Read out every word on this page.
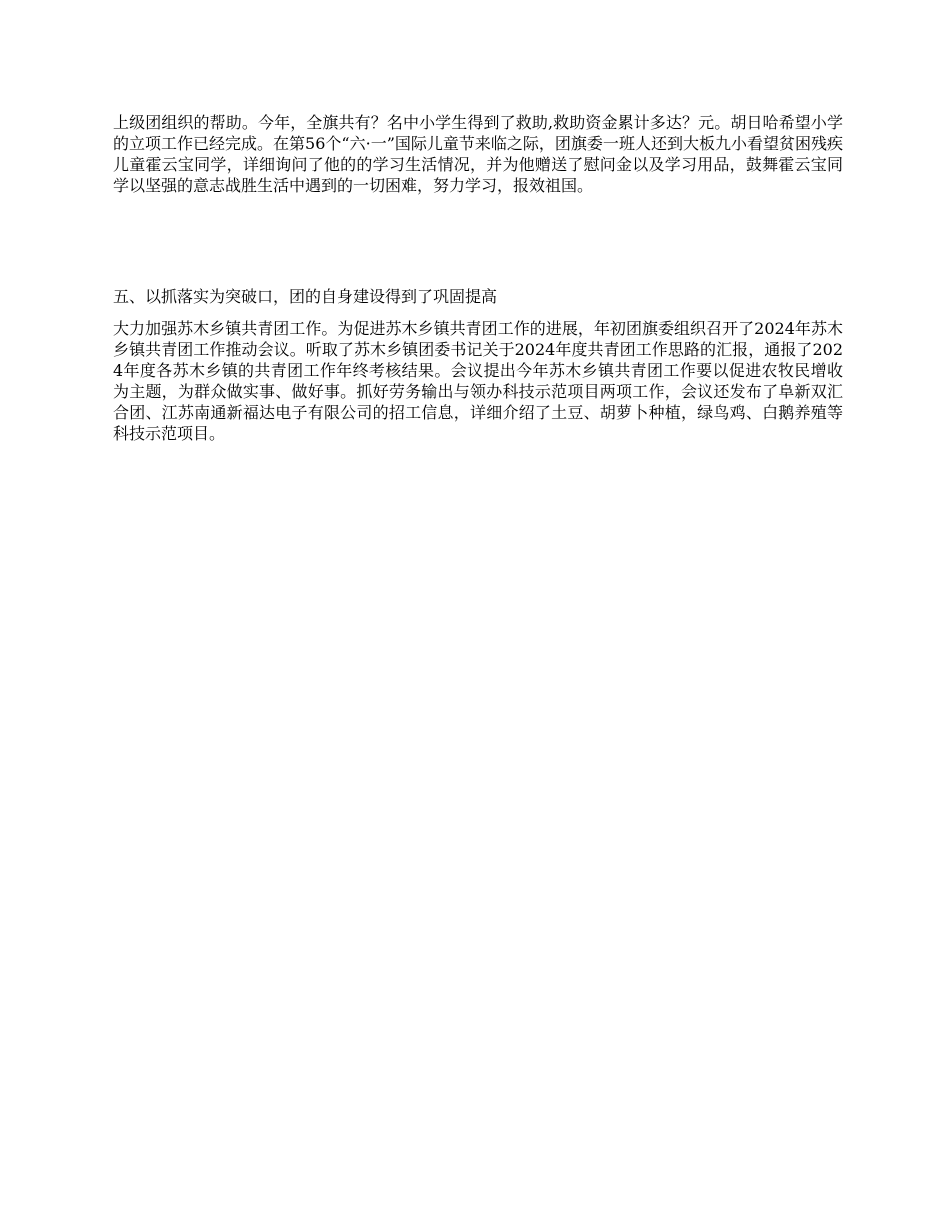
上级团组织的帮助。今年，全旗共有？名中小学生得到了救助,救助资金累计多达？元。胡日哈希望小学的立项工作已经完成。在第56个“六·一”国际儿童节来临之际，团旗委一班人还到大板九小看望贫困残疾儿童霍云宝同学，详细询问了他的的学习生活情况，并为他赠送了慰问金以及学习用品，鼓舞霍云宝同学以坚强的意志战胜生活中遇到的一切困难，努力学习，报效祖国。

五、以抓落实为突破口，团的自身建设得到了巩固提高

大力加强苏木乡镇共青团工作。为促进苏木乡镇共青团工作的进展，年初团旗委组织召开了2024年苏木乡镇共青团工作推动会议。听取了苏木乡镇团委书记关于2024年度共青团工作思路的汇报，通报了2024年度各苏木乡镇的共青团工作年终考核结果。会议提出今年苏木乡镇共青团工作要以促进农牧民增收为主题，为群众做实事、做好事。抓好劳务输出与领办科技示范项目两项工作，会议还发布了阜新双汇合团、江苏南通新福达电子有限公司的招工信息，详细介绍了土豆、胡萝卜种植，绿鸟鸡、白鹅养殖等科技示范项目。
